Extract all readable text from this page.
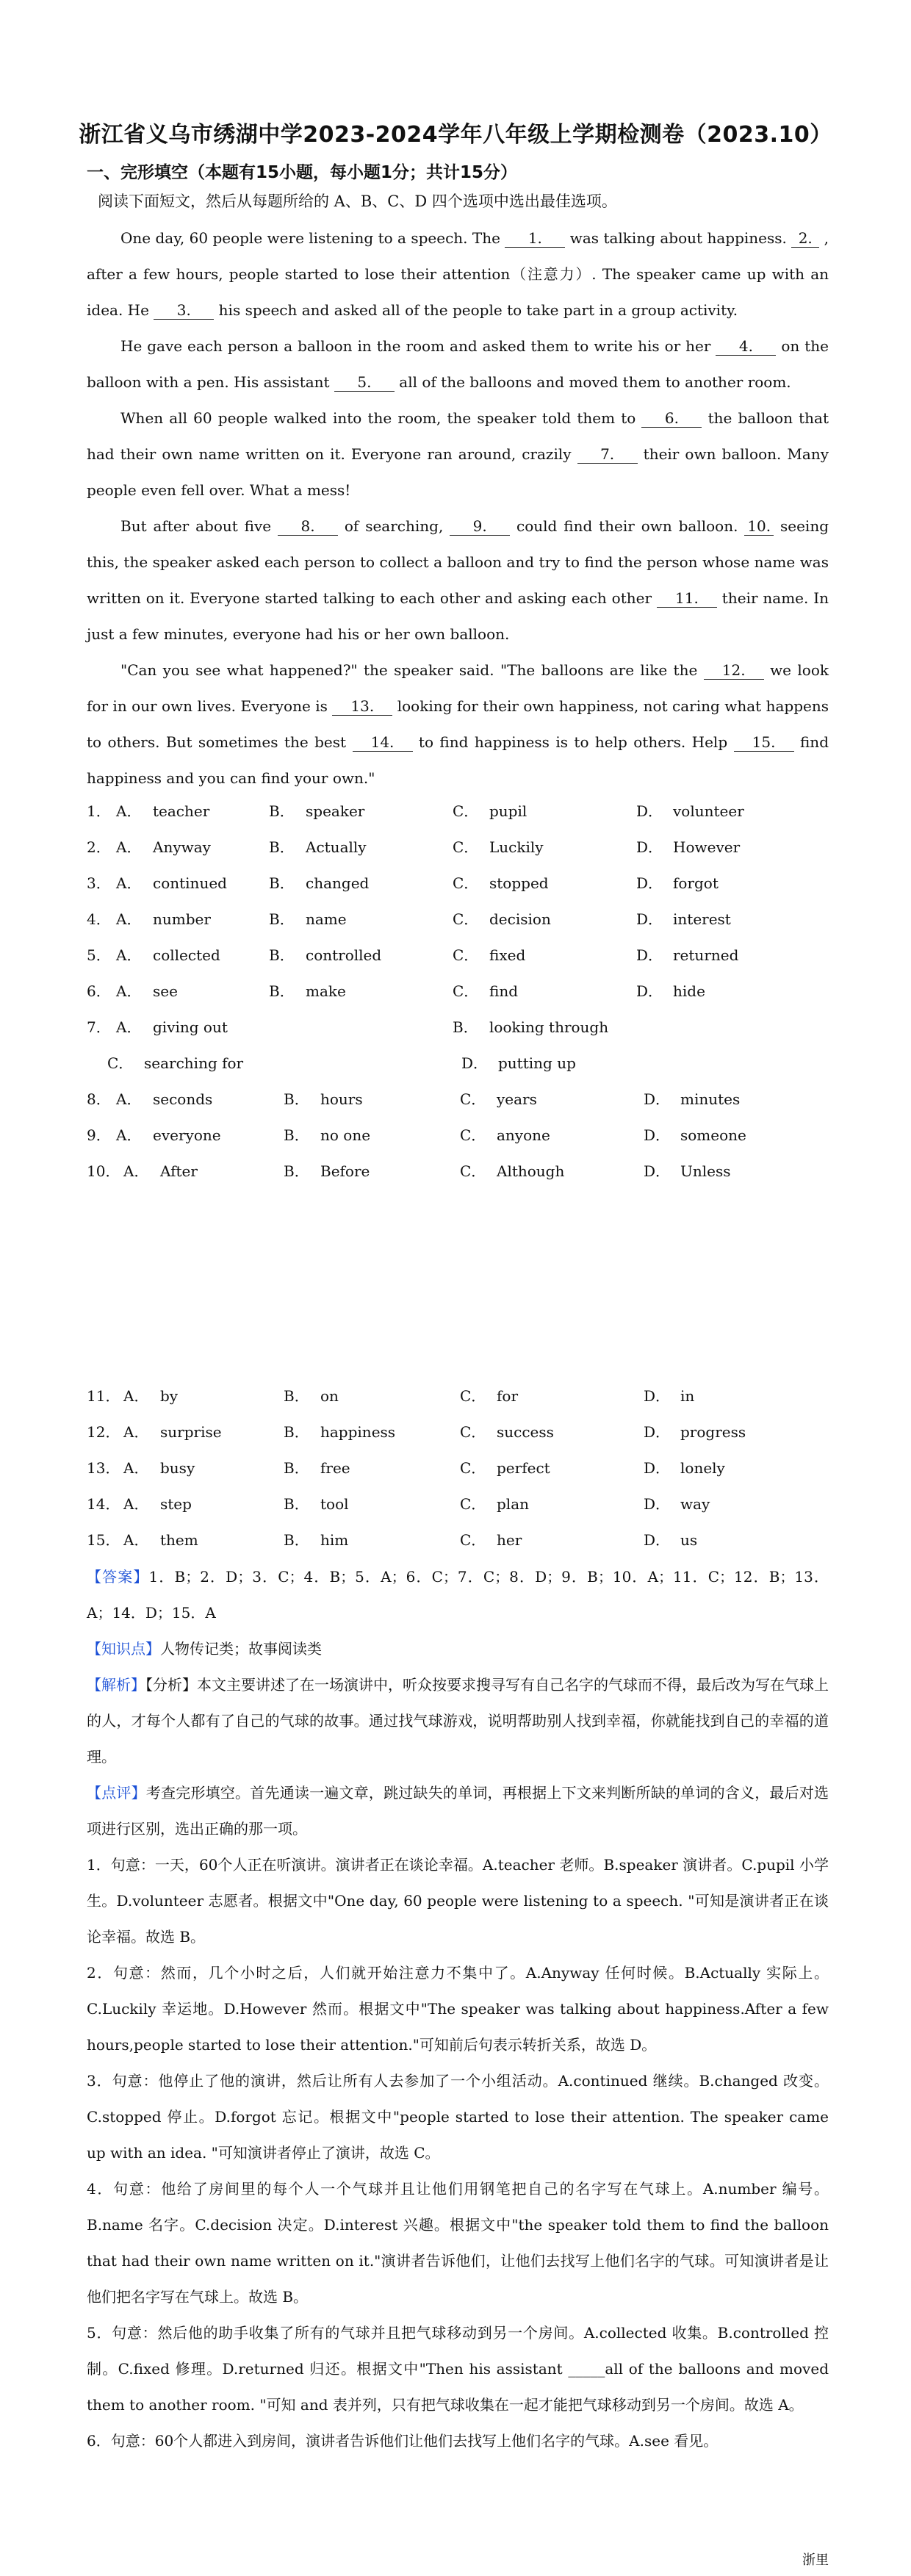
浙江省义乌市绣湖中学2023-2024学年八年级上学期检测卷（2023.10）
一、完形填空（本题有15小题，每小题1分；共计15分）
阅读下面短文，然后从每题所给的 A、B、C、D 四个选项中选出最佳选项。

One day, 60 people were listening to a speech. The 1. was talking about happiness. 2. , after a few hours, people started to lose their attention（注意力）. The speaker came up with an idea. He 3. his speech and asked all of the people to take part in a group activity.

He gave each person a balloon in the room and asked them to write his or her 4. on the balloon with a pen. His assistant 5. all of the balloons and moved them to another room.

When all 60 people walked into the room, the speaker told them to 6. the balloon that had their own name written on it. Everyone ran around, crazily 7. their own balloon. Many people even fell over. What a mess!

But after about five 8. of searching, 9. could find their own balloon. 10. seeing this, the speaker asked each person to collect a balloon and try to find the person whose name was written on it. Everyone started talking to each other and asking each other 11. their name. In just a few minutes, everyone had his or her own balloon.

"Can you see what happened?" the speaker said. "The balloons are like the 12. we look for in our own lives. Everyone is 13. looking for their own happiness, not caring what happens to others. But sometimes the best 14. to find happiness is to help others. Help 15. find happiness and you can find your own."

1． A． teacher	B． speaker	C． pupil	D． volunteer
2． A． Anyway	B． Actually	C． Luckily	D． However
3． A． continued	B． changed	C． stopped	D． forgot
4． A． number	B． name	C． decision	D． interest
5． A． collected	B． controlled	C． fixed	D． returned
6． A． see	B． make	C． find	D． hide
7． A． giving out	B． looking through
C． searching for	D． putting up
8． A． seconds	B． hours	C． years	D． minutes
9． A． everyone	B． no one	C． anyone	D． someone
10． A． After	B． Before	C． Although	D． Unless
11． A． by	B． on	C． for	D． in
12． A． surprise	B． happiness	C． success	D． progress
13． A． busy	B． free	C． perfect	D． lonely
14． A． step	B． tool	C． plan	D． way
15． A． them	B． him	C． her	D． us

【答案】1．B；2．D；3．C；4．B；5．A；6．C；7．C；8．D；9．B；10．A；11．C；12．B；13．A；14．D；15．A

【知识点】人物传记类；故事阅读类

【解析】【分析】本文主要讲述了在一场演讲中，听众按要求搜寻写有自己名字的气球而不得，最后改为写在气球上的人，才每个人都有了自己的气球的故事。通过找气球游戏，说明帮助别人找到幸福，你就能找到自己的幸福的道理。

【点评】考查完形填空。首先通读一遍文章，跳过缺失的单词，再根据上下文来判断所缺的单词的含义，最后对选项进行区别，选出正确的那一项。

1．句意：一天，60个人正在听演讲。演讲者正在谈论幸福。A.teacher 老师。B.speaker 演讲者。C.pupil 小学生。D.volunteer 志愿者。根据文中"One day, 60 people were listening to a speech. "可知是演讲者正在谈论幸福。故选 B。

2．句意：然而，几个小时之后，人们就开始注意力不集中了。A.Anyway 任何时候。B.Actually 实际上。C.Luckily 幸运地。D.However 然而。根据文中"The speaker was talking about happiness.After a few hours,people started to lose their attention."可知前后句表示转折关系，故选 D。

3．句意：他停止了他的演讲，然后让所有人去参加了一个小组活动。A.continued 继续。B.changed 改变。C.stopped 停止。D.forgot 忘记。根据文中"people started to lose their attention. The speaker came up with an idea. "可知演讲者停止了演讲，故选 C。

4．句意：他给了房间里的每个人一个气球并且让他们用钢笔把自己的名字写在气球上。A.number 编号。B.name 名字。C.decision 决定。D.interest 兴趣。根据文中"the speaker told them to find the balloon that had their own name written on it."演讲者告诉他们，让他们去找写上他们名字的气球。可知演讲者是让他们把名字写在气球上。故选 B。

5．句意：然后他的助手收集了所有的气球并且把气球移动到另一个房间。A.collected 收集。B.controlled 控制。C.fixed 修理。D.returned 归还。根据文中"Then his assistant _____all of the balloons and moved them to another room. "可知 and 表并列，只有把气球收集在一起才能把气球移动到另一个房间。故选 A。

6．句意：60个人都进入到房间，演讲者告诉他们让他们去找写上他们名字的气球。A.see 看见。

浙里
